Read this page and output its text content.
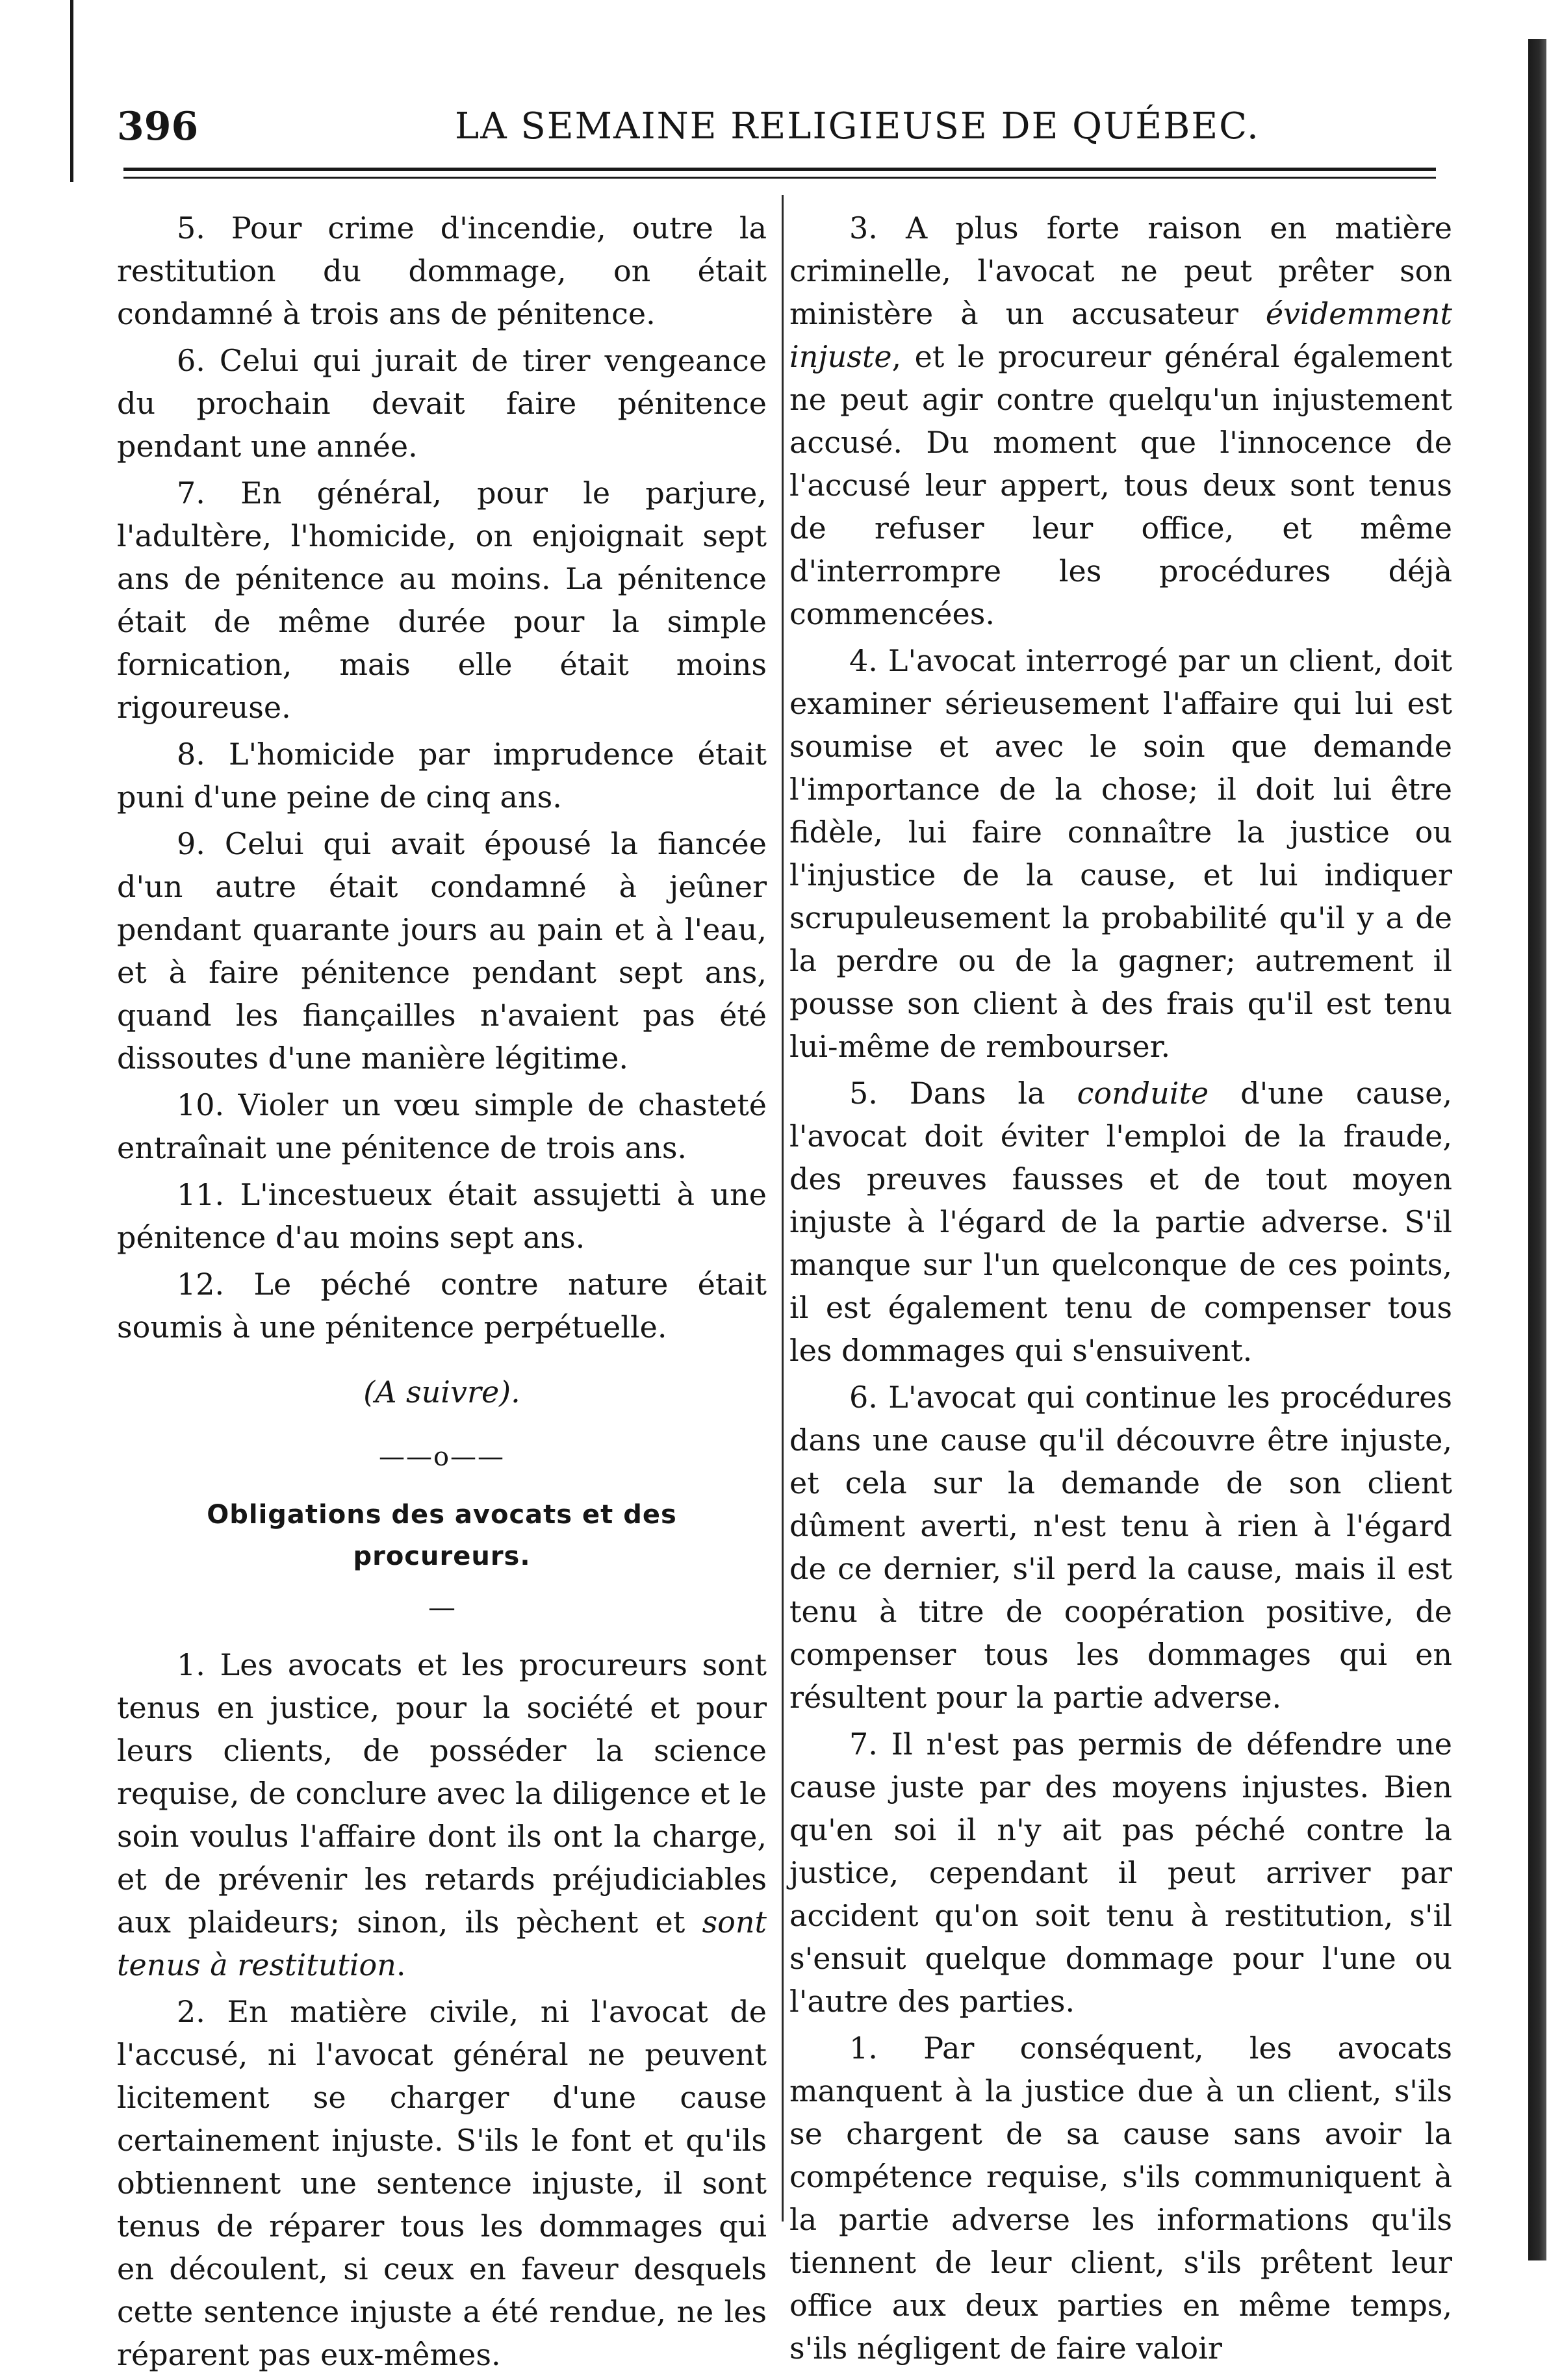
396	LA SEMAINE RELIGIEUSE DE QUÉBEC.

5. Pour crime d'incendie, outre la restitution du dommage, on était condamné à trois ans de pénitence.

6. Celui qui jurait de tirer vengeance du prochain devait faire pénitence pendant une année.

7. En général, pour le parjure, l'adultère, l'homicide, on enjoignait sept ans de pénitence au moins. La pénitence était de même durée pour la simple fornication, mais elle était moins rigoureuse.

8. L'homicide par imprudence était puni d'une peine de cinq ans.

9. Celui qui avait épousé la fiancée d'un autre était condamné à jeûner pendant quarante jours au pain et à l'eau, et à faire pénitence pendant sept ans, quand les fiançailles n'avaient pas été dissoutes d'une manière légitime.

10. Violer un vœu simple de chasteté entraînait une pénitence de trois ans.

11. L'incestueux était assujetti à une pénitence d'au moins sept ans.

12. Le péché contre nature était soumis à une pénitence perpétuelle.

(A suivre).

——o——
Obligations des avocats et des procureurs.
—

1. Les avocats et les procureurs sont tenus en justice, pour la société et pour leurs clients, de posséder la science requise, de conclure avec la diligence et le soin voulus l'affaire dont ils ont la charge, et de prévenir les retards préjudiciables aux plaideurs; sinon, ils pèchent et sont tenus à restitution.

2. En matière civile, ni l'avocat de l'accusé, ni l'avocat général ne peuvent licitement se charger d'une cause certainement injuste. S'ils le font et qu'ils obtiennent une sentence injuste, il sont tenus de réparer tous les dommages qui en découlent, si ceux en faveur desquels cette sentence injuste a été rendue, ne les réparent pas eux-mêmes.

3. A plus forte raison en matière criminelle, l'avocat ne peut prêter son ministère à un accusateur évidemment injuste, et le procureur général également ne peut agir contre quelqu'un injustement accusé. Du moment que l'innocence de l'accusé leur appert, tous deux sont tenus de refuser leur office, et même d'interrompre les procédures déjà commencées.

4. L'avocat interrogé par un client, doit examiner sérieusement l'affaire qui lui est soumise et avec le soin que demande l'importance de la chose; il doit lui être fidèle, lui faire connaître la justice ou l'injustice de la cause, et lui indiquer scrupuleusement la probabilité qu'il y a de la perdre ou de la gagner; autrement il pousse son client à des frais qu'il est tenu lui-même de rembourser.

5. Dans la conduite d'une cause, l'avocat doit éviter l'emploi de la fraude, des preuves fausses et de tout moyen injuste à l'égard de la partie adverse. S'il manque sur l'un quelconque de ces points, il est également tenu de compenser tous les dommages qui s'ensuivent.

6. L'avocat qui continue les procédures dans une cause qu'il découvre être injuste, et cela sur la demande de son client dûment averti, n'est tenu à rien à l'égard de ce dernier, s'il perd la cause, mais il est tenu à titre de coopération positive, de compenser tous les dommages qui en résultent pour la partie adverse.

7. Il n'est pas permis de défendre une cause juste par des moyens injustes. Bien qu'en soi il n'y ait pas péché contre la justice, cependant il peut arriver par accident qu'on soit tenu à restitution, s'il s'ensuit quelque dommage pour l'une ou l'autre des parties.

1. Par conséquent, les avocats manquent à la justice due à un client, s'ils se chargent de sa cause sans avoir la compétence requise, s'ils communiquent à la partie adverse les informations qu'ils tiennent de leur client, s'ils prêtent leur office aux deux parties en même temps, s'ils négligent de faire valoir
